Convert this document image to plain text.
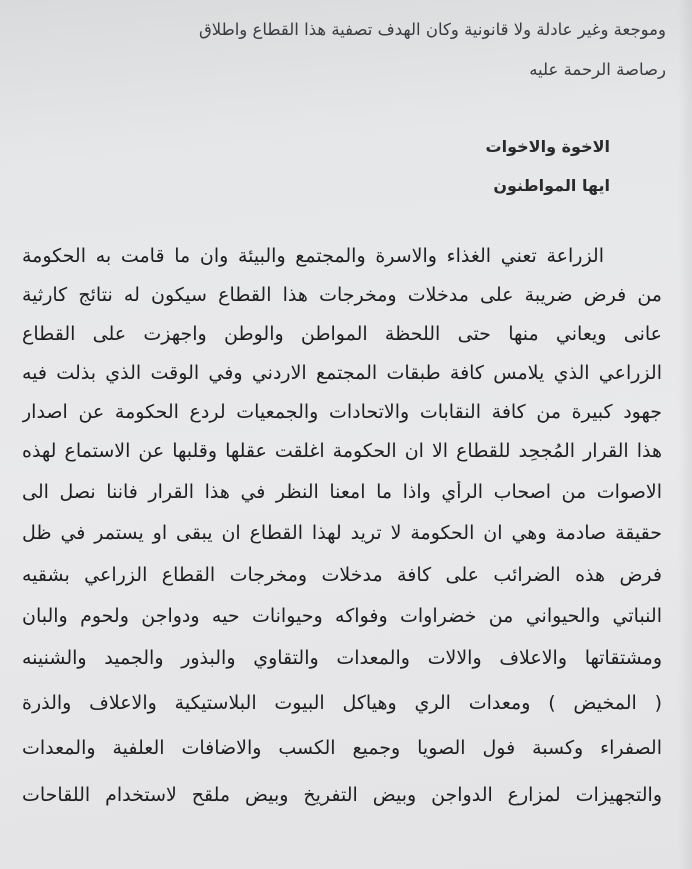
وموجعة وغير عادلة ولا قانونية وكان الهدف تصفية هذا القطاع واطلاق
رصاصة الرحمة عليه
الاخوة والاخوات
ايها المواطنون
الزراعة تعني الغذاء والاسرة والمجتمع والبيئة وان ما قامت به الحكومة
من فرض ضريبة على مدخلات ومخرجات هذا القطاع سيكون له نتائج كارثية
عانى ويعاني منها حتى اللحظة المواطن والوطن واجهزت على القطاع
الزراعي الذي يلامس كافة طبقات المجتمع الاردني وفي الوقت الذي بذلت فيه
جهود كبيرة من كافة النقابات والاتحادات والجمعيات لردع الحكومة عن اصدار
هذا القرار المُجحِد للقطاع الا ان الحكومة اغلقت عقلها وقلبها عن الاستماع لهذه
الاصوات من اصحاب الرأي واذا ما امعنا النظر في هذا القرار فاننا نصل الى
حقيقة صادمة وهي ان الحكومة لا تريد لهذا القطاع ان يبقى او يستمر في ظل
فرض هذه الضرائب على كافة مدخلات ومخرجات القطاع الزراعي بشقيه
النباتي والحيواني من خضراوات وفواكه وحيوانات حيه ودواجن ولحوم والبان
ومشتقاتها والاعلاف والالات والمعدات والتقاوي والبذور والجميد والشنينه
( المخيض ) ومعدات الري وهياكل البيوت البلاستيكية والاعلاف والذرة
الصفراء وكسبة فول الصويا وجميع الكسب والاضافات العلفية والمعدات
والتجهيزات لمزارع الدواجن وبيض التفريخ وبيض ملقح لاستخدام اللقاحات
